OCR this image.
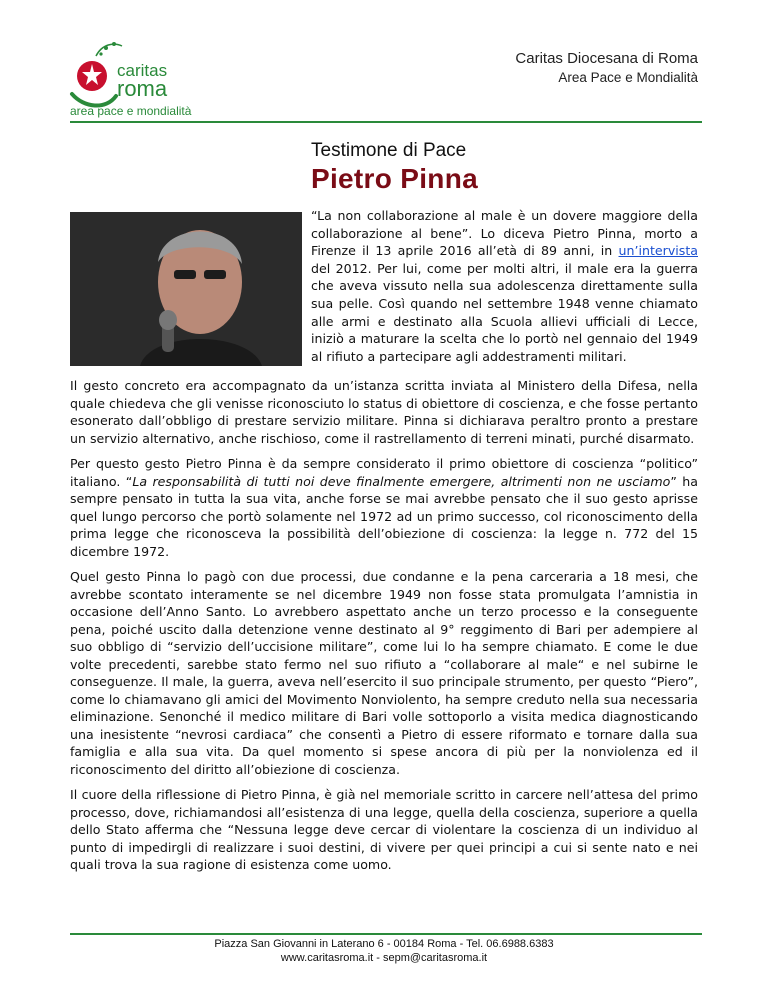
caritas
roma
area pace e mondialità
Caritas Diocesana di Roma
Area Pace e Mondialità
Testimone di Pace
Pietro Pinna

“La non collaborazione al male è un dovere maggiore della collaborazione al bene”. Lo diceva Pietro Pinna, morto a Firenze il 13 aprile 2016 all’età di 89 anni, in un’intervista del 2012. Per lui, come per molti altri, il male era la guerra che aveva vissuto nella sua adolescenza direttamente sulla sua pelle. Così quando nel settembre 1948 venne chiamato alle armi e destinato alla Scuola allievi ufficiali di Lecce, iniziò a maturare la scelta che lo portò nel gennaio del 1949 al rifiuto a partecipare agli addestramenti militari.

Il gesto concreto era accompagnato da un’istanza scritta inviata al Ministero della Difesa, nella quale chiedeva che gli venisse riconosciuto lo status di obiettore di coscienza, e che fosse pertanto esonerato dall’obbligo di prestare servizio militare. Pinna si dichiarava peraltro pronto a prestare un servizio alternativo, anche rischioso, come il rastrellamento di terreni minati, purché disarmato.

Per questo gesto Pietro Pinna è da sempre considerato il primo obiettore di coscienza “politico” italiano. “La responsabilità di tutti noi deve finalmente emergere, altrimenti non ne usciamo” ha sempre pensato in tutta la sua vita, anche forse se mai avrebbe pensato che il suo gesto aprisse quel lungo percorso che portò solamente nel 1972 ad un primo successo, col riconoscimento della prima legge che riconosceva la possibilità dell’obiezione di coscienza: la legge n. 772 del 15 dicembre 1972.

Quel gesto Pinna lo pagò con due processi, due condanne e la pena carceraria a 18 mesi, che avrebbe scontato interamente se nel dicembre 1949 non fosse stata promulgata l’amnistia in occasione dell’Anno Santo. Lo avrebbero aspettato anche un terzo processo e la conseguente pena, poiché uscito dalla detenzione venne destinato al 9° reggimento di Bari per adempiere al suo obbligo di “servizio dell’uccisione militare”, come lui lo ha sempre chiamato. E come le due volte precedenti, sarebbe stato fermo nel suo rifiuto a “collaborare al male“ e nel subirne le conseguenze. Il male, la guerra, aveva nell’esercito il suo principale strumento, per questo “Piero”, come lo chiamavano gli amici del Movimento Nonviolento, ha sempre creduto nella sua necessaria eliminazione. Senonché il medico militare di Bari volle sottoporlo a visita medica diagnosticando una inesistente “nevrosi cardiaca” che consentì a Pietro di essere riformato e tornare dalla sua famiglia e alla sua vita. Da quel momento si spese ancora di più per la nonviolenza ed il riconoscimento del diritto all’obiezione di coscienza.

Il cuore della riflessione di Pietro Pinna, è già nel memoriale scritto in carcere nell’attesa del primo processo, dove, richiamandosi all’esistenza di una legge, quella della coscienza, superiore a quella dello Stato afferma che “Nessuna legge deve cercar di violentare la coscienza di un individuo al punto di impedirgli di realizzare i suoi destini, di vivere per quei principi a cui si sente nato e nei quali trova la sua ragione di esistenza come uomo.

Piazza San Giovanni in Laterano 6 - 00184 Roma - Tel. 06.6988.6383
www.caritasroma.it - sepm@caritasroma.it
